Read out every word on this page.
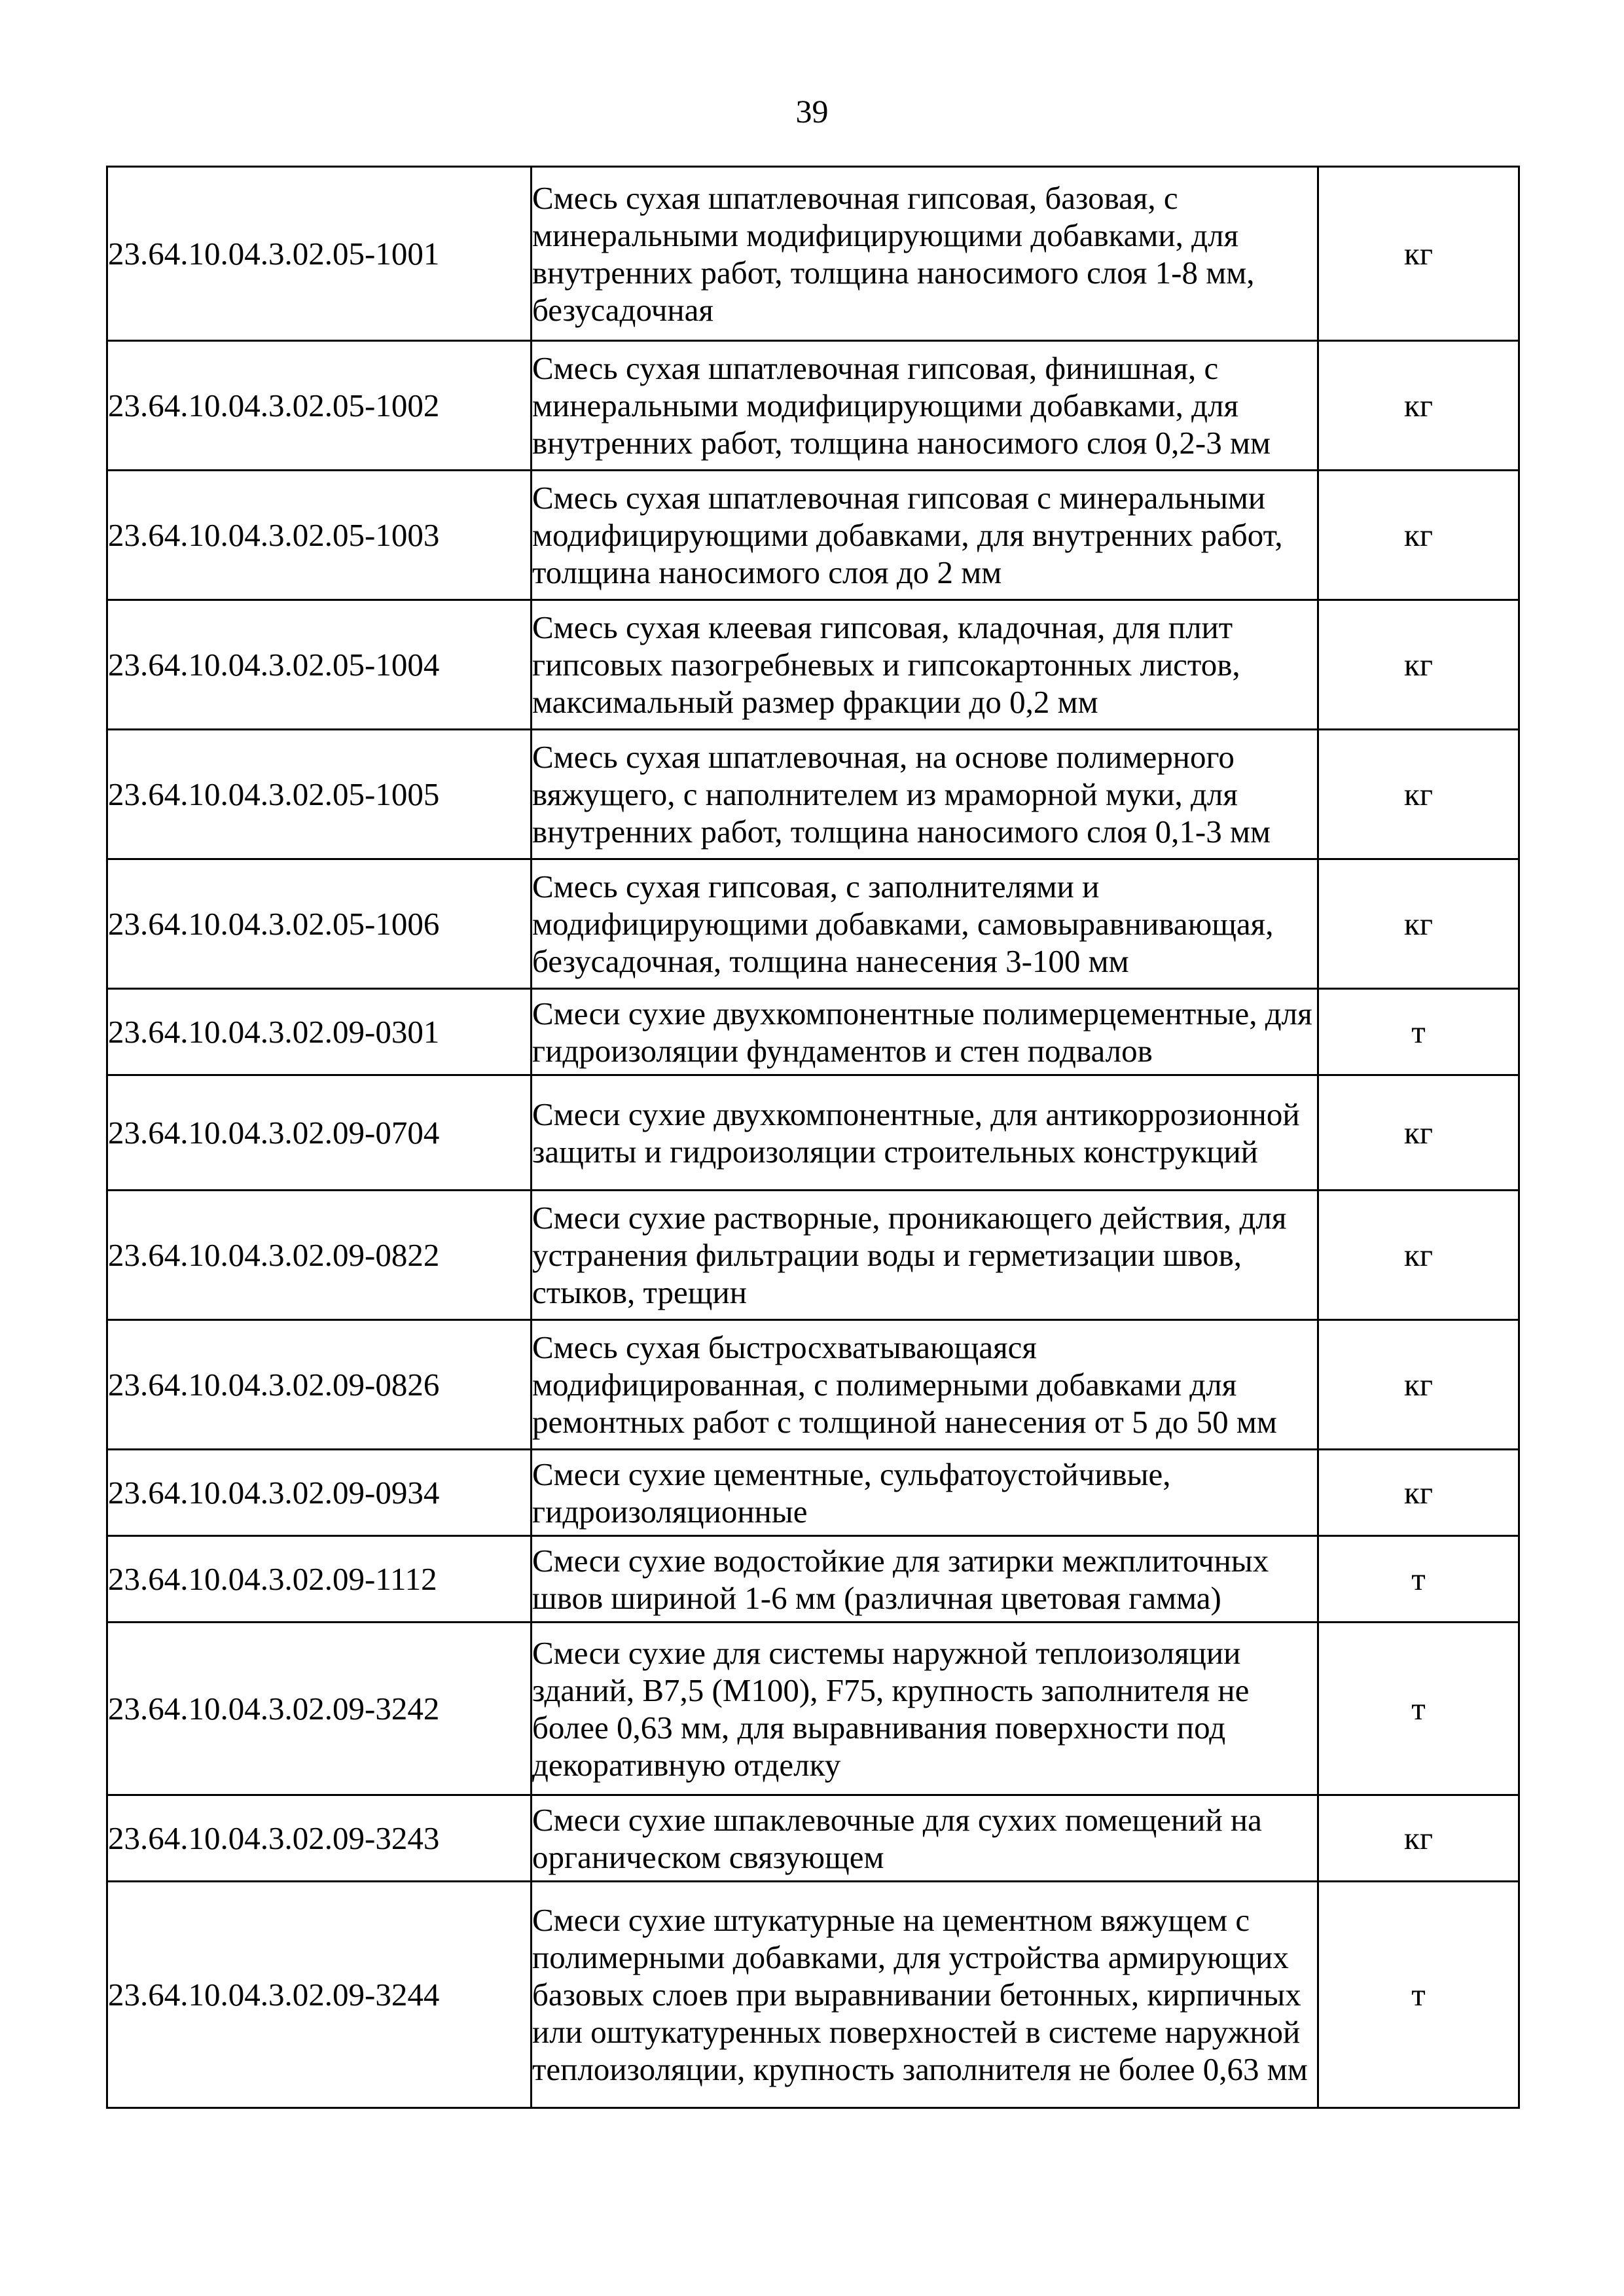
39
23.64.10.04.3.02.05-1001	Смесь сухая шпатлевочная гипсовая, базовая, с минеральными модифицирующими добавками, для внутренних работ, толщина наносимого слоя 1-8 мм, безусадочная	кг
23.64.10.04.3.02.05-1002	Смесь сухая шпатлевочная гипсовая, финишная, с минеральными модифицирующими добавками, для внутренних работ, толщина наносимого слоя 0,2-3 мм	кг
23.64.10.04.3.02.05-1003	Смесь сухая шпатлевочная гипсовая с минеральными модифицирующими добавками, для внутренних работ, толщина наносимого слоя до 2 мм	кг
23.64.10.04.3.02.05-1004	Смесь сухая клеевая гипсовая, кладочная, для плит гипсовых пазогребневых и гипсокартонных листов, максимальный размер фракции до 0,2 мм	кг
23.64.10.04.3.02.05-1005	Смесь сухая шпатлевочная, на основе полимерного вяжущего, с наполнителем из мраморной муки, для внутренних работ, толщина наносимого слоя 0,1-3 мм	кг
23.64.10.04.3.02.05-1006	Смесь сухая гипсовая, с заполнителями и модифицирующими добавками, самовыравнивающая, безусадочная, толщина нанесения 3-100 мм	кг
23.64.10.04.3.02.09-0301	Смеси сухие двухкомпонентные полимерцементные, для гидроизоляции фундаментов и стен подвалов	т
23.64.10.04.3.02.09-0704	Смеси сухие двухкомпонентные, для антикоррозионной защиты и гидроизоляции строительных конструкций	кг
23.64.10.04.3.02.09-0822	Смеси сухие растворные, проникающего действия, для устранения фильтрации воды и герметизации швов, стыков, трещин	кг
23.64.10.04.3.02.09-0826	Смесь сухая быстросхватывающаяся модифицированная, с полимерными добавками для ремонтных работ с толщиной нанесения от 5 до 50 мм	кг
23.64.10.04.3.02.09-0934	Смеси сухие цементные, сульфатоустойчивые, гидроизоляционные	кг
23.64.10.04.3.02.09-1112	Смеси сухие водостойкие для затирки межплиточных швов шириной 1-6 мм (различная цветовая гамма)	т
23.64.10.04.3.02.09-3242	Смеси сухие для системы наружной теплоизоляции зданий, В7,5 (М100), F75, крупность заполнителя не более 0,63 мм, для выравнивания поверхности под декоративную отделку	т
23.64.10.04.3.02.09-3243	Смеси сухие шпаклевочные для сухих помещений на органическом связующем	кг
23.64.10.04.3.02.09-3244	Смеси сухие штукатурные на цементном вяжущем с полимерными добавками, для устройства армирующих базовых слоев при выравнивании бетонных, кирпичных или оштукатуренных поверхностей в системе наружной теплоизоляции, крупность заполнителя не более 0,63 мм	т
